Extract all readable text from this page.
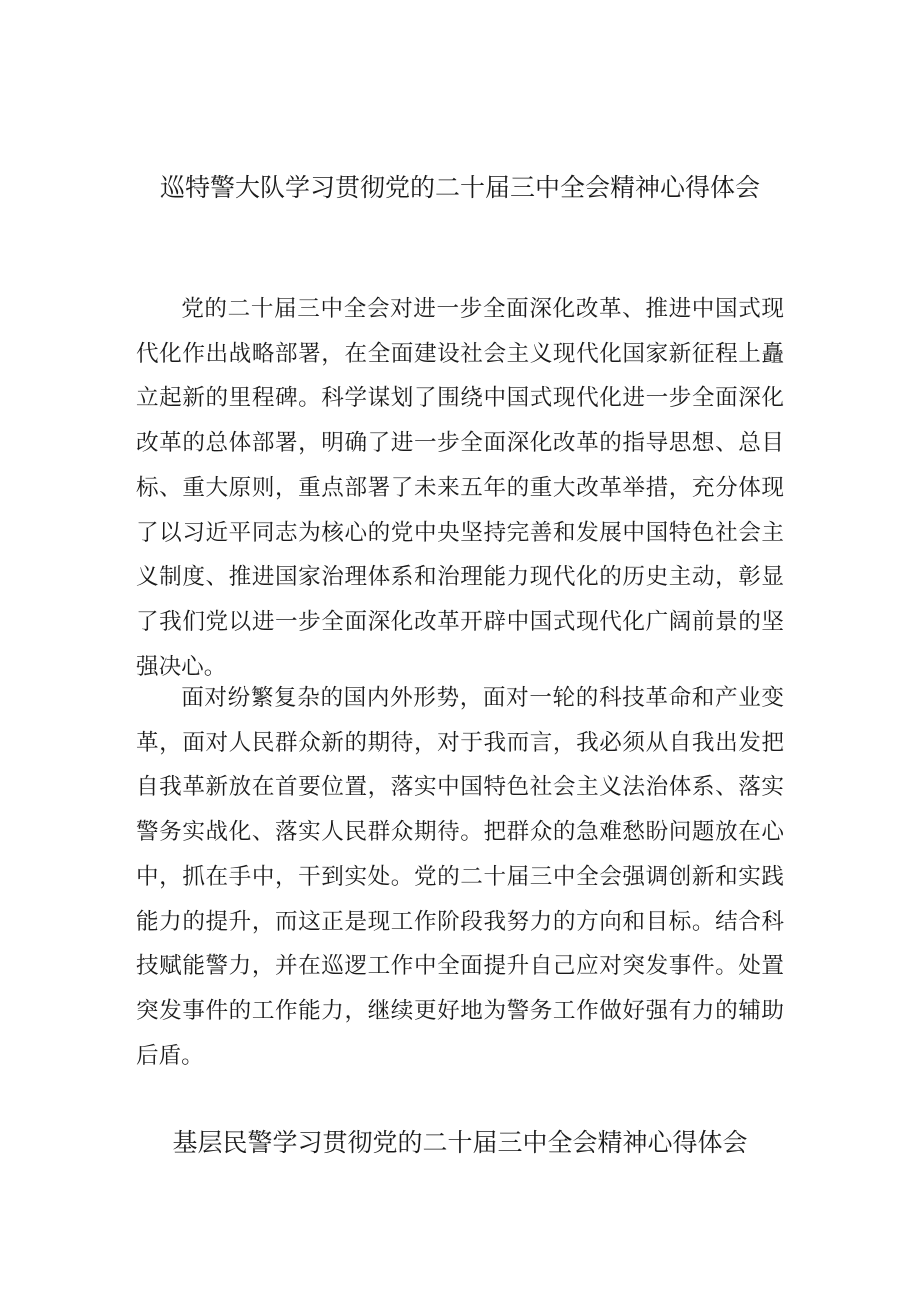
巡特警大队学习贯彻党的二十届三中全会精神心得体会

党的二十届三中全会对进一步全面深化改革、推进中国式现代化作出战略部署，在全面建设社会主义现代化国家新征程上矗立起新的里程碑。科学谋划了围绕中国式现代化进一步全面深化改革的总体部署，明确了进一步全面深化改革的指导思想、总目标、重大原则，重点部署了未来五年的重大改革举措，充分体现了以习近平同志为核心的党中央坚持完善和发展中国特色社会主义制度、推进国家治理体系和治理能力现代化的历史主动，彰显了我们党以进一步全面深化改革开辟中国式现代化广阔前景的坚强决心。

面对纷繁复杂的国内外形势，面对一轮的科技革命和产业变革，面对人民群众新的期待，对于我而言，我必须从自我出发把自我革新放在首要位置，落实中国特色社会主义法治体系、落实警务实战化、落实人民群众期待。把群众的急难愁盼问题放在心中，抓在手中，干到实处。党的二十届三中全会强调创新和实践能力的提升，而这正是现工作阶段我努力的方向和目标。结合科技赋能警力，并在巡逻工作中全面提升自己应对突发事件。处置突发事件的工作能力，继续更好地为警务工作做好强有力的辅助后盾。

基层民警学习贯彻党的二十届三中全会精神心得体会
